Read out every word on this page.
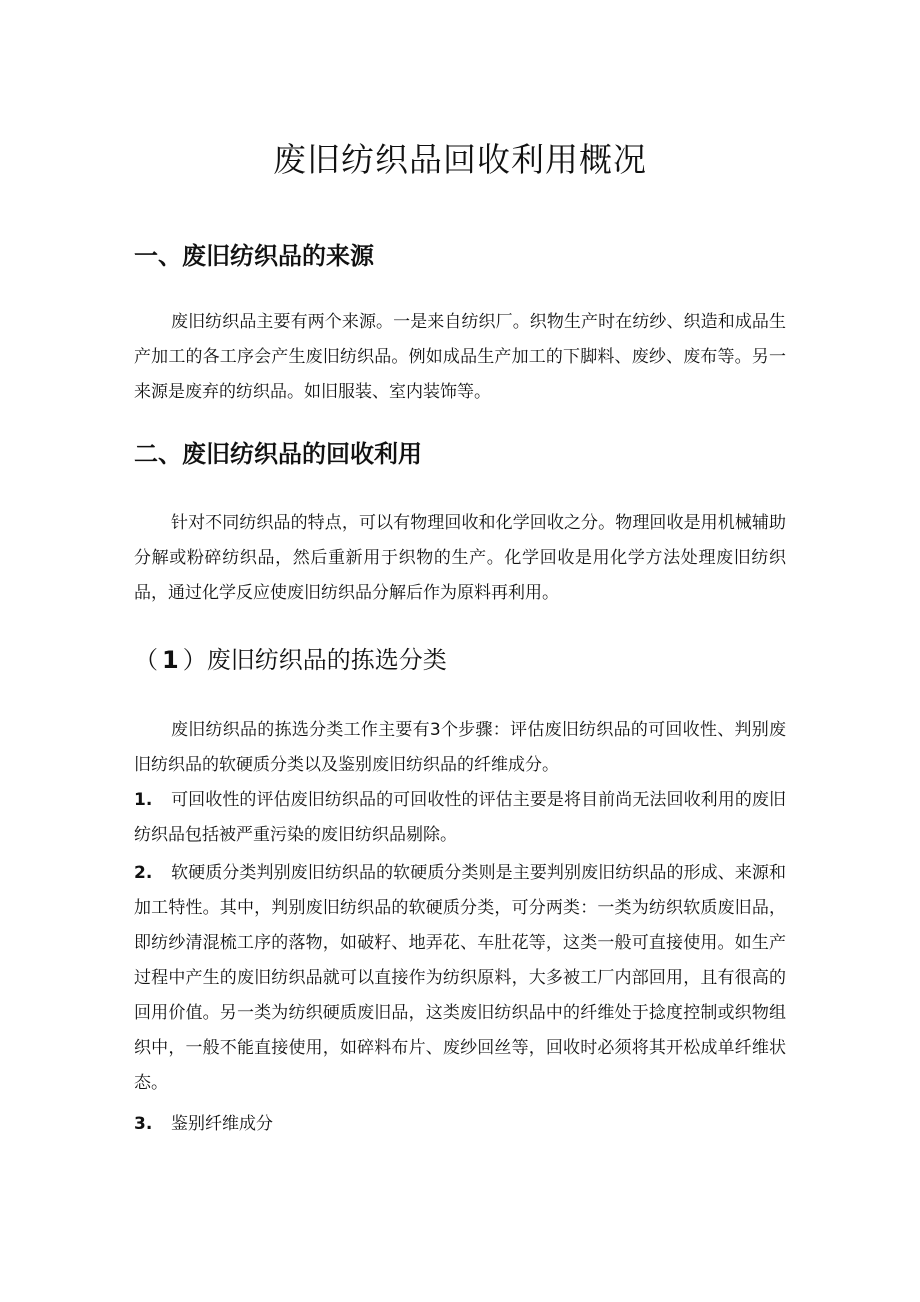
废旧纺织品回收利用概况
一、废旧纺织品的来源

废旧纺织品主要有两个来源。一是来自纺织厂。织物生产时在纺纱、织造和成品生产加工的各工序会产生废旧纺织品。例如成品生产加工的下脚料、废纱、废布等。另一来源是废弃的纺织品。如旧服装、室内装饰等。

二、废旧纺织品的回收利用

针对不同纺织品的特点，可以有物理回收和化学回收之分。物理回收是用机械辅助分解或粉碎纺织品，然后重新用于织物的生产。化学回收是用化学方法处理废旧纺织品，通过化学反应使废旧纺织品分解后作为原料再利用。

（ 1 ）废旧纺织品的拣选分类

废旧纺织品的拣选分类工作主要有3个步骤：评估废旧纺织品的可回收性、判别废旧纺织品的软硬质分类以及鉴别废旧纺织品的纤维成分。

1. 可回收性的评估废旧纺织品的可回收性的评估主要是将目前尚无法回收利用的废旧纺织品包括被严重污染的废旧纺织品剔除。

2. 软硬质分类判别废旧纺织品的软硬质分类则是主要判别废旧纺织品的形成、来源和加工特性。其中，判别废旧纺织品的软硬质分类，可分两类：一类为纺织软质废旧品，即纺纱清混梳工序的落物，如破籽、地弄花、车肚花等，这类一般可直接使用。如生产过程中产生的废旧纺织品就可以直接作为纺织原料，大多被工厂内部回用，且有很高的回用价值。另一类为纺织硬质废旧品，这类废旧纺织品中的纤维处于捻度控制或织物组织中，一般不能直接使用，如碎料布片、废纱回丝等，回收时必须将其开松成单纤维状态。

3. 鉴别纤维成分
